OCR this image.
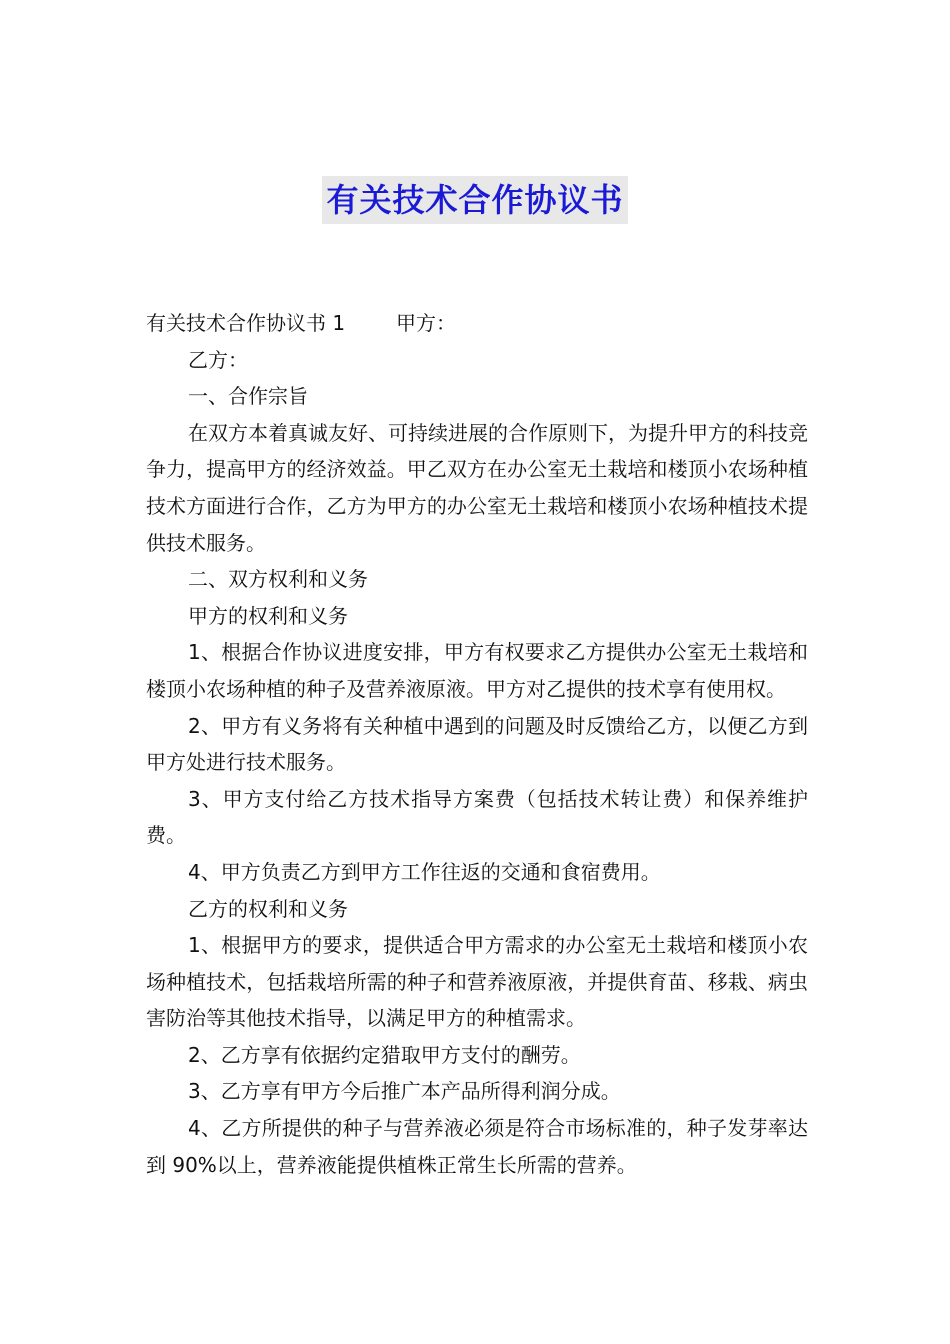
有关技术合作协议书

有关技术合作协议书 1        甲方：

乙方：

一、合作宗旨

在双方本着真诚友好、可持续进展的合作原则下，为提升甲方的科技竞争力，提高甲方的经济效益。甲乙双方在办公室无土栽培和楼顶小农场种植技术方面进行合作，乙方为甲方的办公室无土栽培和楼顶小农场种植技术提供技术服务。

二、双方权利和义务

甲方的权利和义务

1、根据合作协议进度安排，甲方有权要求乙方提供办公室无土栽培和楼顶小农场种植的种子及营养液原液。甲方对乙提供的技术享有使用权。

2、甲方有义务将有关种植中遇到的问题及时反馈给乙方，以便乙方到甲方处进行技术服务。

3、甲方支付给乙方技术指导方案费（包括技术转让费）和保养维护费。

4、甲方负责乙方到甲方工作往返的交通和食宿费用。

乙方的权利和义务

1、根据甲方的要求，提供适合甲方需求的办公室无土栽培和楼顶小农场种植技术，包括栽培所需的种子和营养液原液，并提供育苗、移栽、病虫害防治等其他技术指导，以满足甲方的种植需求。

2、乙方享有依据约定猎取甲方支付的酬劳。

3、乙方享有甲方今后推广本产品所得利润分成。

4、乙方所提供的种子与营养液必须是符合市场标准的，种子发芽率达到 90%以上，营养液能提供植株正常生长所需的营养。
